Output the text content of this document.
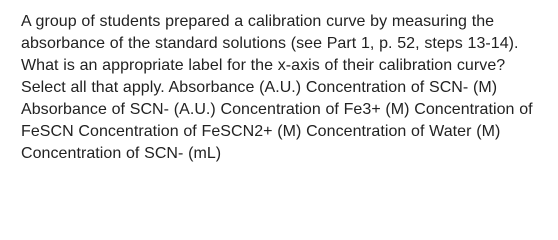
A group of students prepared a calibration curve by measuring the absorbance of the standard solutions (see Part 1, p. 52, steps 13-14). What is an appropriate label for the x-axis of their calibration curve? Select all that apply. Absorbance (A.U.) Concentration of SCN- (M) Absorbance of SCN- (A.U.) Concentration of Fe3+ (M) Concentration of FeSCN Concentration of FeSCN2+ (M) Concentration of Water (M) Concentration of SCN- (mL)
